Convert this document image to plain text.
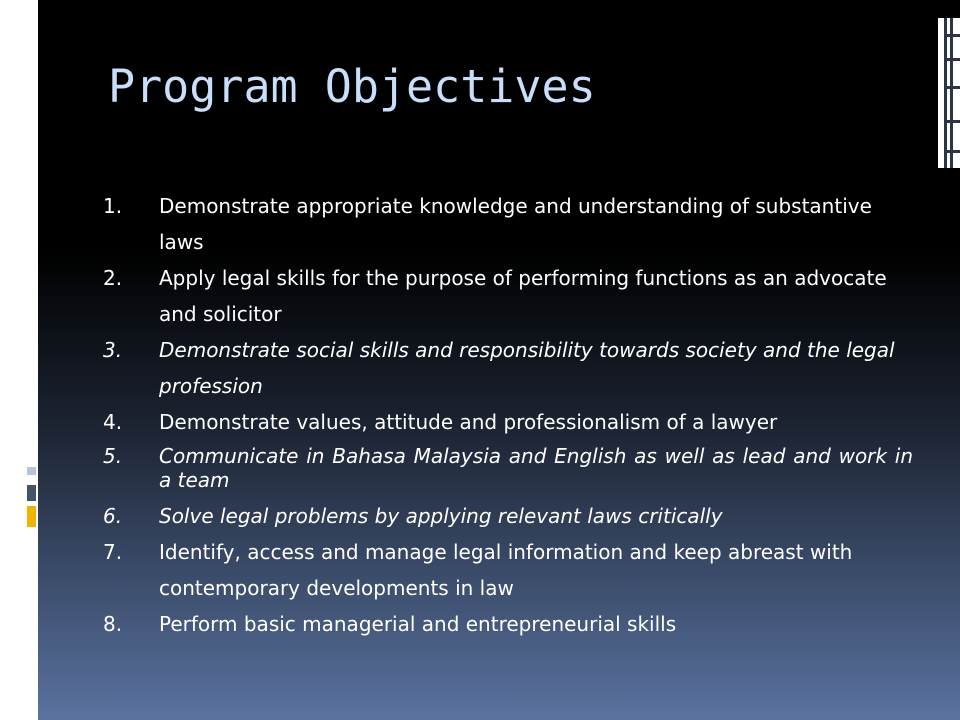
Program Objectives
1.	Demonstrate appropriate knowledge and understanding of substantive laws
2.	Apply legal skills for the purpose of performing functions as an advocate and solicitor
3.	Demonstrate social skills and responsibility towards society and the legal profession
4.	Demonstrate values, attitude and professionalism of a lawyer
5.	Communicate in Bahasa Malaysia and English as well as lead and work in a team
6.	Solve legal problems by applying relevant laws critically
7.	Identify, access and manage legal information and keep abreast with contemporary developments in law
8.	Perform basic managerial and entrepreneurial skills
